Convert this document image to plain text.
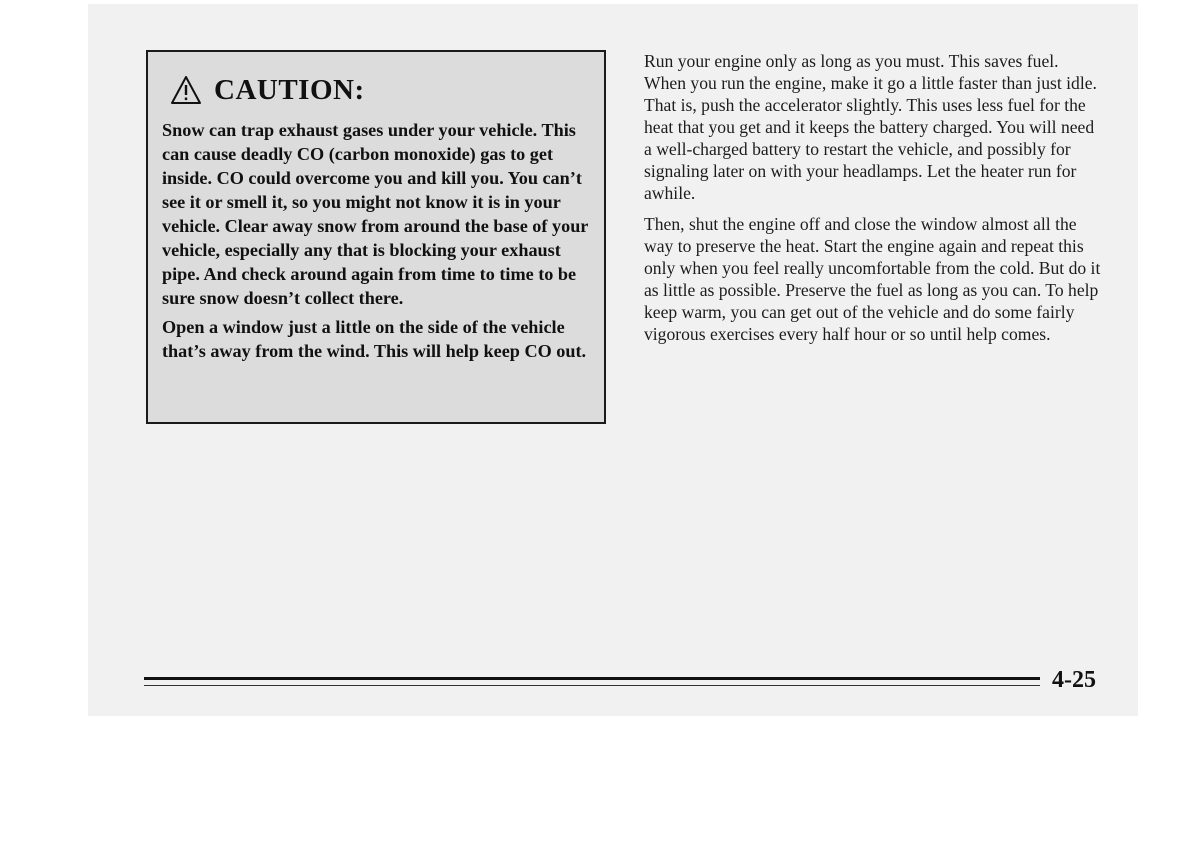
CAUTION:

Snow can trap exhaust gases under your vehicle. This can cause deadly CO (carbon monoxide) gas to get inside. CO could overcome you and kill you. You can’t see it or smell it, so you might not know it is in your vehicle. Clear away snow from around the base of your vehicle, especially any that is blocking your exhaust pipe. And check around again from time to time to be sure snow doesn’t collect there.

Open a window just a little on the side of the vehicle that’s away from the wind. This will help keep CO out.

Run your engine only as long as you must. This saves fuel. When you run the engine, make it go a little faster than just idle. That is, push the accelerator slightly. This uses less fuel for the heat that you get and it keeps the battery charged. You will need a well-charged battery to restart the vehicle, and possibly for signaling later on with your headlamps. Let the heater run for awhile.

Then, shut the engine off and close the window almost all the way to preserve the heat. Start the engine again and repeat this only when you feel really uncomfortable from the cold. But do it as little as possible. Preserve the fuel as long as you can. To help keep warm, you can get out of the vehicle and do some fairly vigorous exercises every half hour or so until help comes.

4-25
